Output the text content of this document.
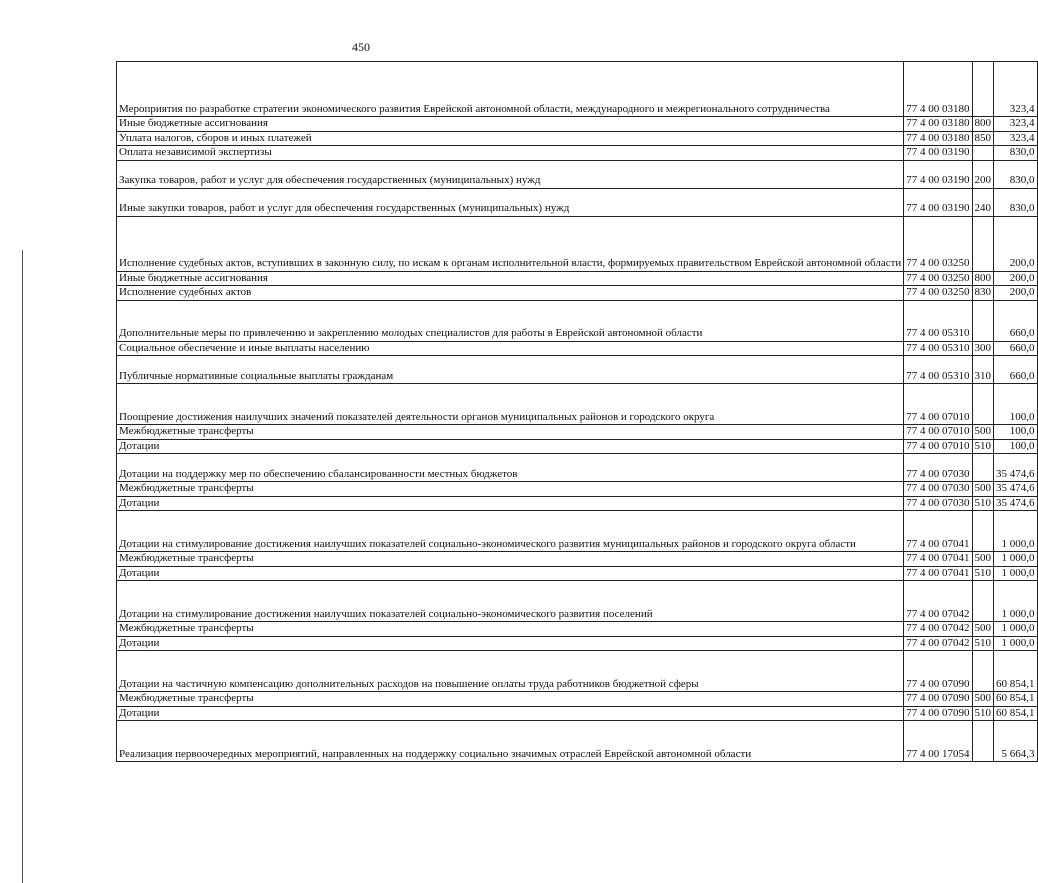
450
Мероприятия по разработке стратегии экономического развития Еврейской автономной области, международного и межрегионального сотрудничества	77 4 00 03180		323,4
Иные бюджетные ассигнования	77 4 00 03180	800	323,4
Уплата налогов, сборов и иных платежей	77 4 00 03180	850	323,4
Оплата независимой экспертизы	77 4 00 03190		830,0
Закупка товаров, работ и услуг для обеспечения государственных (муниципальных) нужд	77 4 00 03190	200	830,0
Иные закупки товаров, работ и услуг для обеспечения государственных (муниципальных) нужд	77 4 00 03190	240	830,0
Исполнение судебных актов, вступивших в законную силу, по искам к органам исполнительной власти, формируемых правительством Еврейской автономной области	77 4 00 03250		200,0
Иные бюджетные ассигнования	77 4 00 03250	800	200,0
Исполнение судебных актов	77 4 00 03250	830	200,0
Дополнительные меры по привлечению и закреплению молодых специалистов для работы в Еврейской автономной области	77 4 00 05310		660,0
Социальное обеспечение и иные выплаты населению	77 4 00 05310	300	660,0
Публичные нормативные социальные выплаты гражданам	77 4 00 05310	310	660,0
Поощрение достижения наилучших значений показателей деятельности органов муниципальных районов и городского округа	77 4 00 07010		100,0
Межбюджетные трансферты	77 4 00 07010	500	100,0
Дотации	77 4 00 07010	510	100,0
Дотации на поддержку мер по обеспечению сбалансированности местных бюджетов	77 4 00 07030		35 474,6
Межбюджетные трансферты	77 4 00 07030	500	35 474,6
Дотации	77 4 00 07030	510	35 474,6
Дотации на стимулирование достижения наилучших показателей социально-экономического развития муниципальных районов и городского округа области	77 4 00 07041		1 000,0
Межбюджетные трансферты	77 4 00 07041	500	1 000,0
Дотации	77 4 00 07041	510	1 000,0
Дотации на стимулирование достижения наилучших показателей социально-экономического развития поселений	77 4 00 07042		1 000,0
Межбюджетные трансферты	77 4 00 07042	500	1 000,0
Дотации	77 4 00 07042	510	1 000,0
Дотации на частичную компенсацию дополнительных расходов на повышение оплаты труда работников бюджетной сферы	77 4 00 07090		60 854,1
Межбюджетные трансферты	77 4 00 07090	500	60 854,1
Дотации	77 4 00 07090	510	60 854,1
Реализация первоочередных мероприятий, направленных на поддержку социально значимых отраслей Еврейской автономной области	77 4 00 17054		5 664,3
